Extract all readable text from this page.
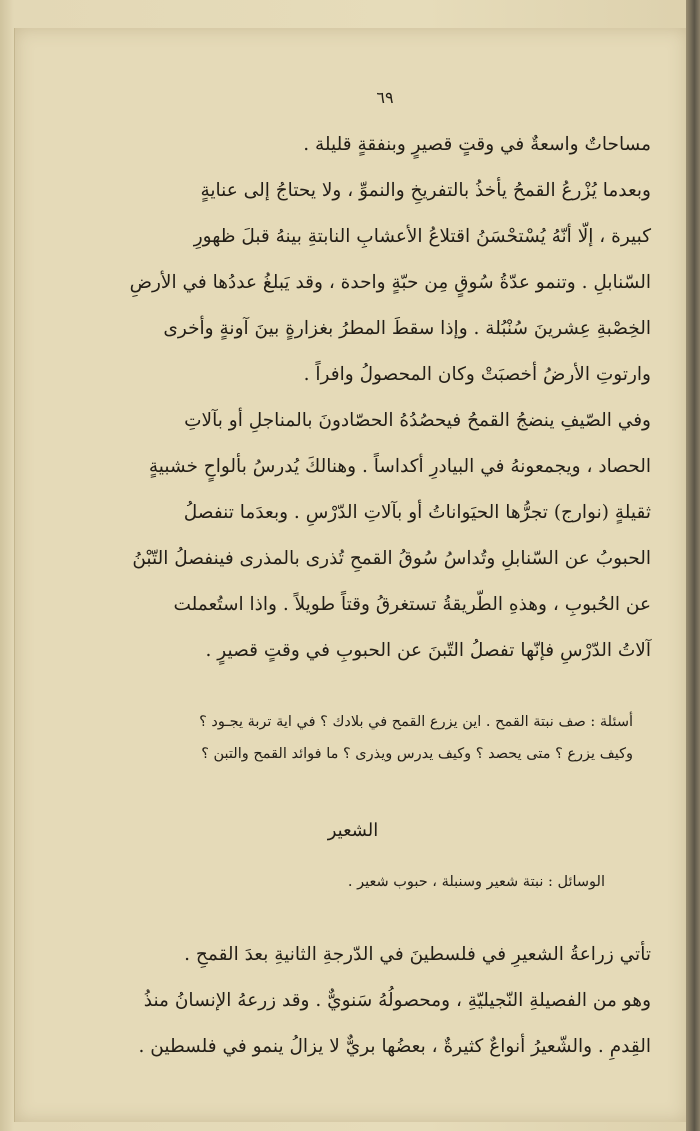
٦٩
مساحاتٌ واسعةٌ في وقتٍ قصيرٍ وبنفقةٍ قليلة .
وبعدما يُزْرعُ القمحُ يأخذُ بالتفريخِ والنموِّ ، ولا يحتاجُ إلى عنايةٍ
كبيرة ، إلّا أنّهُ يُسْتحْسَنُ اقتلاعُ الأعشابِ النابتةِ بينهُ قبلَ ظهورِ
السّنابلِ . وتنمو عدّةُ سُوقٍ مِن حبّةٍ واحدة ، وقد يَبلغُ عددُها في الأرضِ
الخِصْبةِ عِشرينَ سُنْبُلة . وإذا سقطَ المطرُ بغزارةٍ بينَ آونةٍ وأخرى
وارتوتِ الأرضُ أخصبَتْ وكان المحصولُ وافراً .
وفي الصّيفِ ينضجُ القمحُ فيحصُدُهُ الحصّادونَ بالمناجلِ أو بآلاتِ
الحصاد ، ويجمعونهُ في البيادرِ أكداساً . وهنالكَ يُدرسُ بألواحٍ خشبيةٍ
ثقيلةٍ (نوارج) تجرُّها الحيَواناتُ أو بآلاتِ الدّرْسِ . وبعدَما تنفصلُ
الحبوبُ عن السّنابلِ وتُداسُ سُوقُ القمحِ تُذرى بالمذرى فينفصلُ التّبْنُ
عن الحُبوبِ ، وهذهِ الطّريقةُ تستغرقُ وقتاً طويلاً . واذا استُعملت
آلاتُ الدّرْسِ فإنّها تفصلُ التّبنَ عن الحبوبِ في وقتٍ قصيرٍ .
أسئلة : صف نبتة القمح . اين يزرع القمح في بلادك ؟ في اية تربة يجـود ؟
وكيف يزرع ؟ متى يحصد ؟ وكيف يدرس ويذرى ؟ ما فوائد القمح والتبن ؟
الشعير
الوسائل : نبتة شعير وسنبلة ، حبوب شعير .
تأتي زراعةُ الشعيرِ في فلسطينَ في الدّرجةِ الثانيةِ بعدَ القمحِ .
وهو من الفصيلةِ النّجيليّةِ ، ومحصولُهُ سَنويٌّ . وقد زرعهُ الإنسانُ منذُ
القِدمِ . والشّعيرُ أنواعٌ كثيرةٌ ، بعضُها بريٌّ لا يزالُ ينمو في فلسطين .
